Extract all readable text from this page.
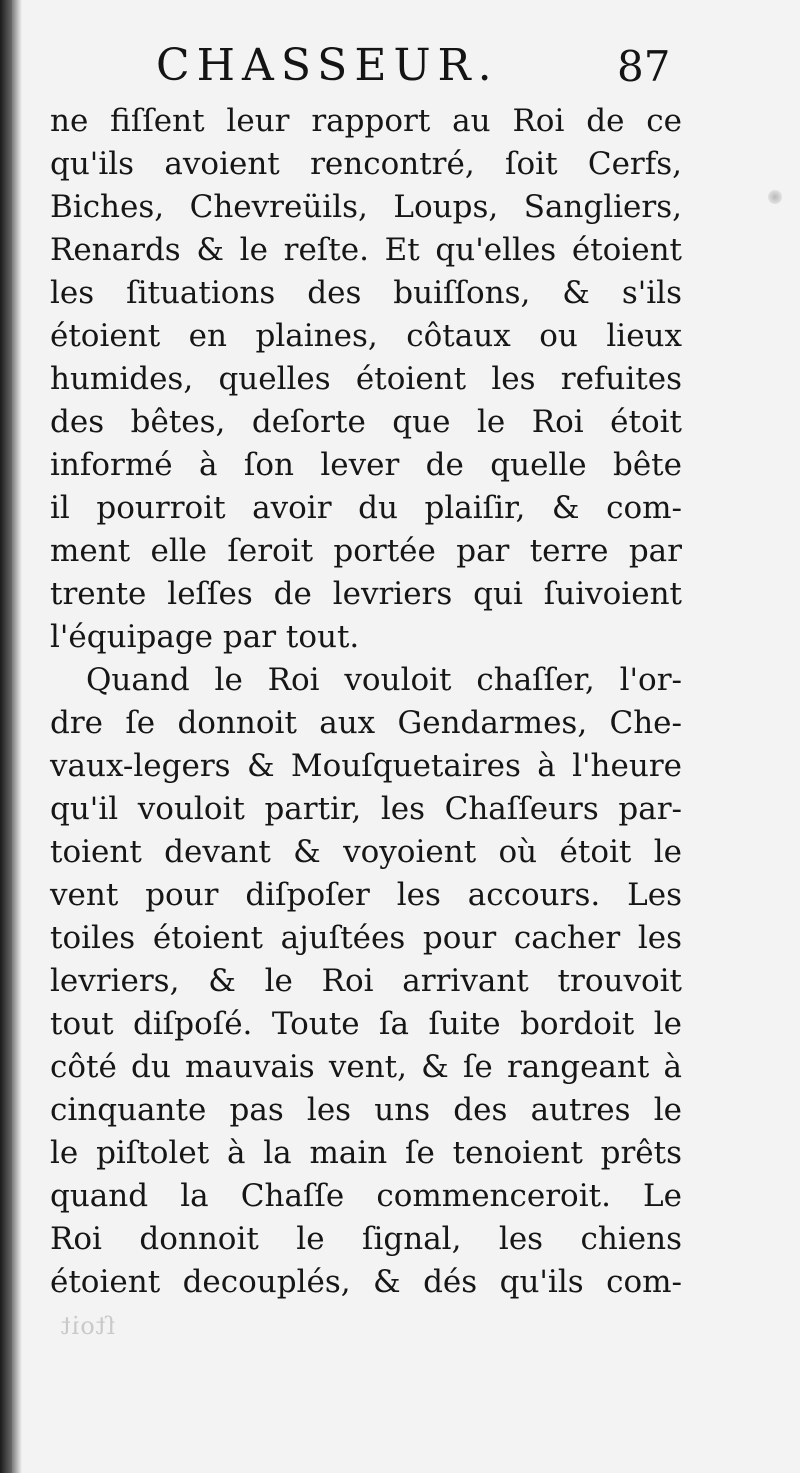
ſtoit
CHASSEUR.	87
ne fiſſent leur rapport au Roi de ce
qu'ils avoient rencontré, ſoit Cerfs,
Biches, Chevreüils, Loups, Sangliers,
Renards & le reſte. Et qu'elles étoient
les ſituations des buiſſons, & s'ils
étoient en plaines, côtaux ou lieux
humides, quelles étoient les refuites
des bêtes, deſorte que le Roi étoit
informé à ſon lever de quelle bête
il pourroit avoir du plaiſir, & com-
ment elle ſeroit portée par terre par
trente leſſes de levriers qui ſuivoient
l'équipage par tout.
Quand le Roi vouloit chaſſer, l'or-
dre ſe donnoit aux Gendarmes, Che-
vaux-legers & Mouſquetaires à l'heure
qu'il vouloit partir, les Chaſſeurs par-
toient devant & voyoient où étoit le
vent pour diſpoſer les accours. Les
toiles étoient ajuſtées pour cacher les
levriers, & le Roi arrivant trouvoit
tout diſpoſé. Toute ſa ſuite bordoit le
côté du mauvais vent, & ſe rangeant à
cinquante pas les uns des autres le
le piſtolet à la main ſe tenoient prêts
quand la Chaſſe commenceroit. Le
Roi donnoit le ſignal, les chiens
étoient decouplés, & dés qu'ils com-
